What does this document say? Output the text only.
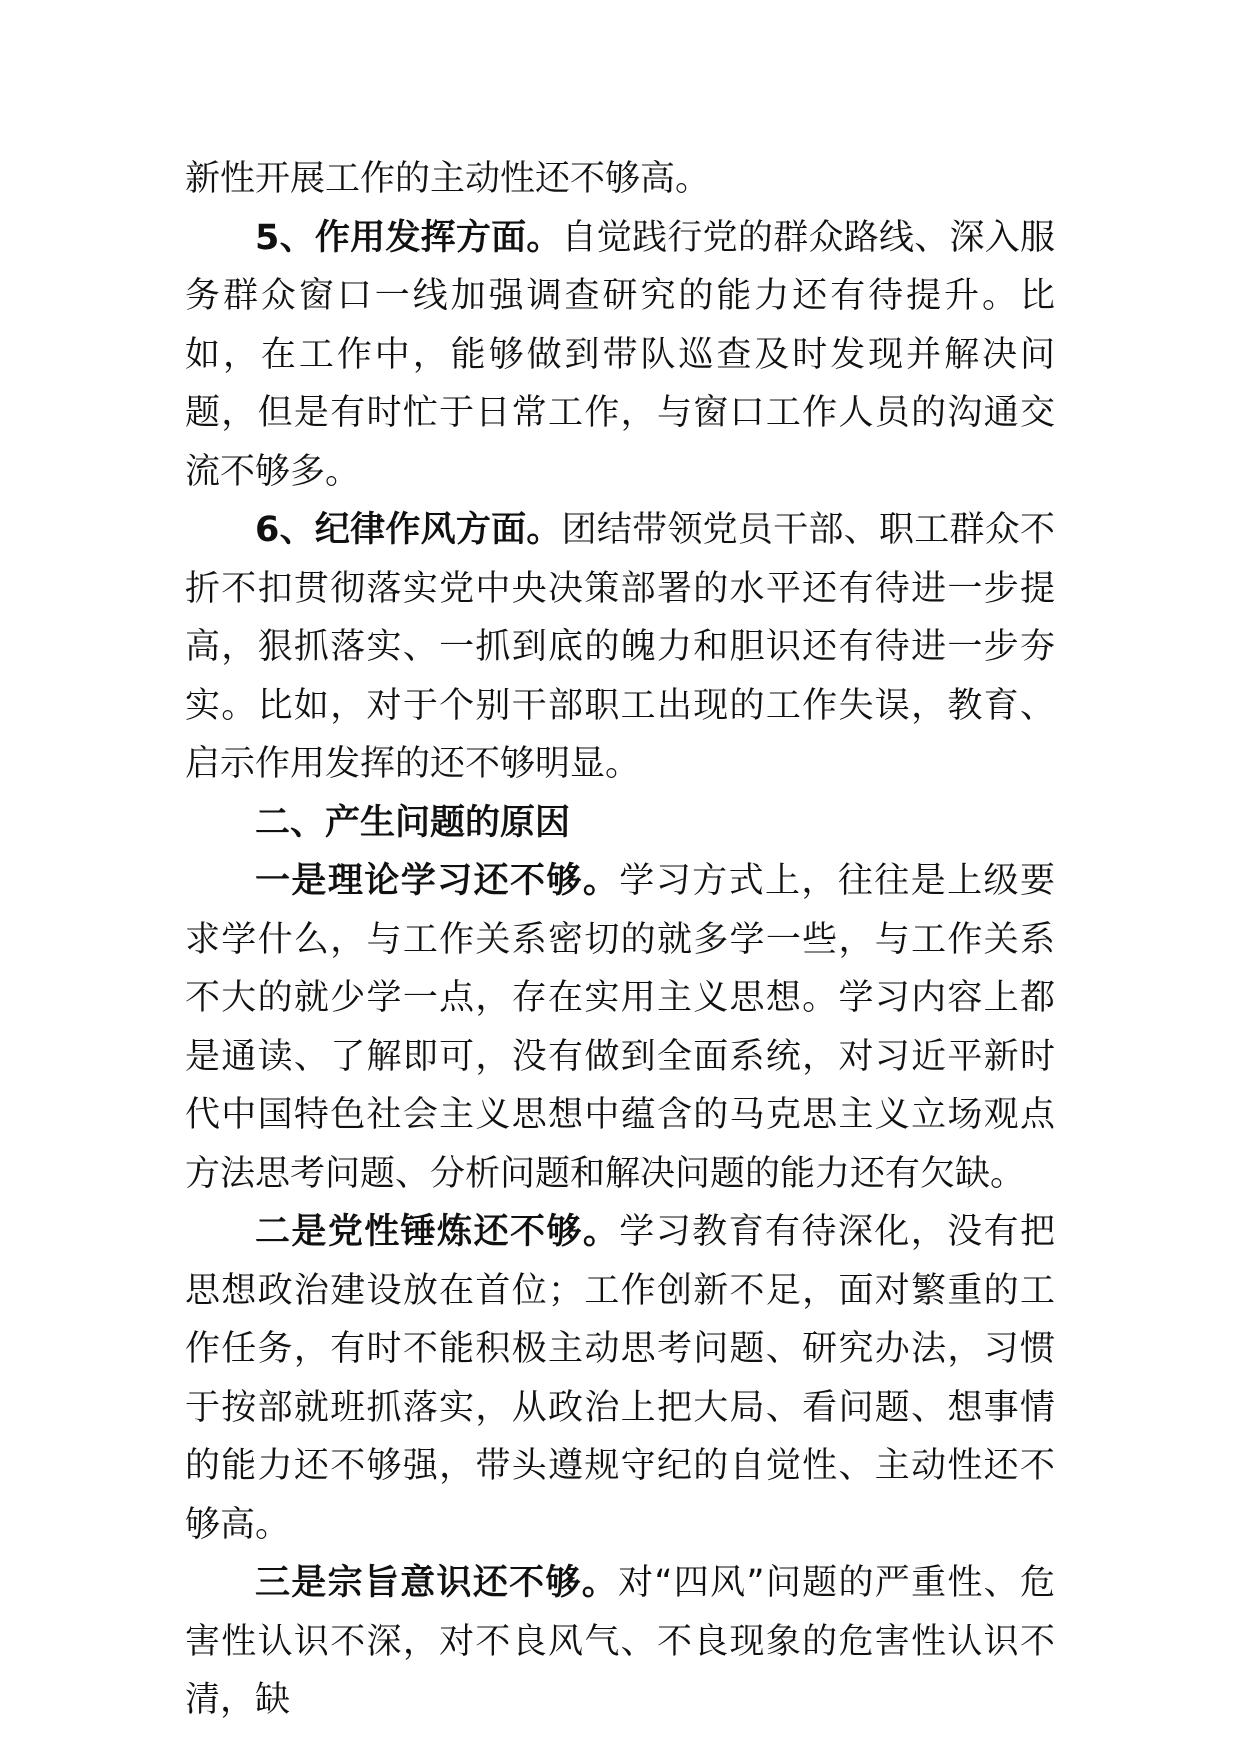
新性开展工作的主动性还不够高。

5、作用发挥方面。自觉践行党的群众路线、深入服务群众窗口一线加强调查研究的能力还有待提升。比如，在工作中，能够做到带队巡查及时发现并解决问题，但是有时忙于日常工作，与窗口工作人员的沟通交流不够多。

6、纪律作风方面。团结带领党员干部、职工群众不折不扣贯彻落实党中央决策部署的水平还有待进一步提高，狠抓落实、一抓到底的魄力和胆识还有待进一步夯实。比如，对于个别干部职工出现的工作失误，教育、启示作用发挥的还不够明显。

二、产生问题的原因

一是理论学习还不够。学习方式上，往往是上级要求学什么，与工作关系密切的就多学一些，与工作关系不大的就少学一点，存在实用主义思想。学习内容上都是通读、了解即可，没有做到全面系统，对习近平新时代中国特色社会主义思想中蕴含的马克思主义立场观点方法思考问题、分析问题和解决问题的能力还有欠缺。

二是党性锤炼还不够。学习教育有待深化，没有把思想政治建设放在首位；工作创新不足，面对繁重的工作任务，有时不能积极主动思考问题、研究办法，习惯于按部就班抓落实，从政治上把大局、看问题、想事情的能力还不够强，带头遵规守纪的自觉性、主动性还不够高。

三是宗旨意识还不够。对“四风”问题的严重性、危害性认识不深，对不良风气、不良现象的危害性认识不清，缺
